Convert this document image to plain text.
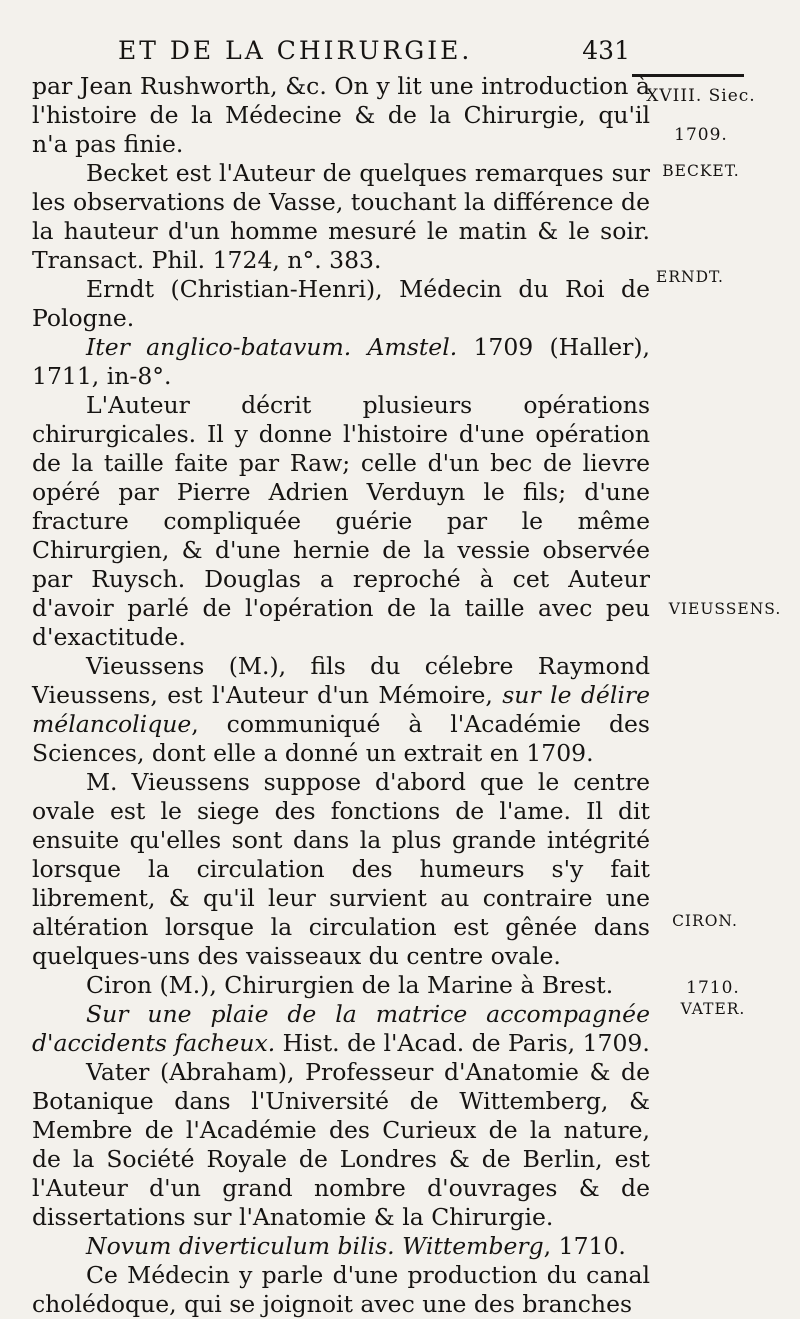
ET DE LA CHIRURGIE.	431
XVIII. Siec.
1709.
BECKET.
ERNDT.
VIEUSSENS.
CIRON.
1710.
VATER.

par Jean Rushworth, &c. On y lit une introduction à l'histoire de la Médecine & de la Chirurgie, qu'il n'a pas finie.

Becket est l'Auteur de quelques remarques sur les observations de Vasse, touchant la différence de la hauteur d'un homme mesuré le matin & le soir. Transact. Phil. 1724, n°. 383.

Erndt (Christian-Henri), Médecin du Roi de Pologne.

Iter anglico-batavum. Amstel. 1709 (Haller), 1711, in-8°.

L'Auteur décrit plusieurs opérations chirurgicales. Il y donne l'histoire d'une opération de la taille faite par Raw; celle d'un bec de lievre opéré par Pierre Adrien Verduyn le fils; d'une fracture compliquée guérie par le même Chirurgien, & d'une hernie de la vessie observée par Ruysch. Douglas a reproché à cet Auteur d'avoir parlé de l'opération de la taille avec peu d'exactitude.

Vieussens (M.), fils du célebre Raymond Vieussens, est l'Auteur d'un Mémoire, sur le délire mélancolique, communiqué à l'Académie des Sciences, dont elle a donné un extrait en 1709.

M. Vieussens suppose d'abord que le centre ovale est le siege des fonctions de l'ame. Il dit ensuite qu'elles sont dans la plus grande intégrité lorsque la circulation des humeurs s'y fait librement, & qu'il leur survient au contraire une altération lorsque la circulation est gênée dans quelques-uns des vaisseaux du centre ovale.

Ciron (M.), Chirurgien de la Marine à Brest.

Sur une plaie de la matrice accompagnée d'accidents facheux. Hist. de l'Acad. de Paris, 1709.

Vater (Abraham), Professeur d'Anatomie & de Botanique dans l'Université de Wittemberg, & Membre de l'Académie des Curieux de la nature, de la Société Royale de Londres & de Berlin, est l'Auteur d'un grand nombre d'ouvrages & de dissertations sur l'Anatomie & la Chirurgie.

Novum diverticulum bilis. Wittemberg, 1710.

Ce Médecin y parle d'une production du canal cholédoque, qui se joignoit avec une des branches
